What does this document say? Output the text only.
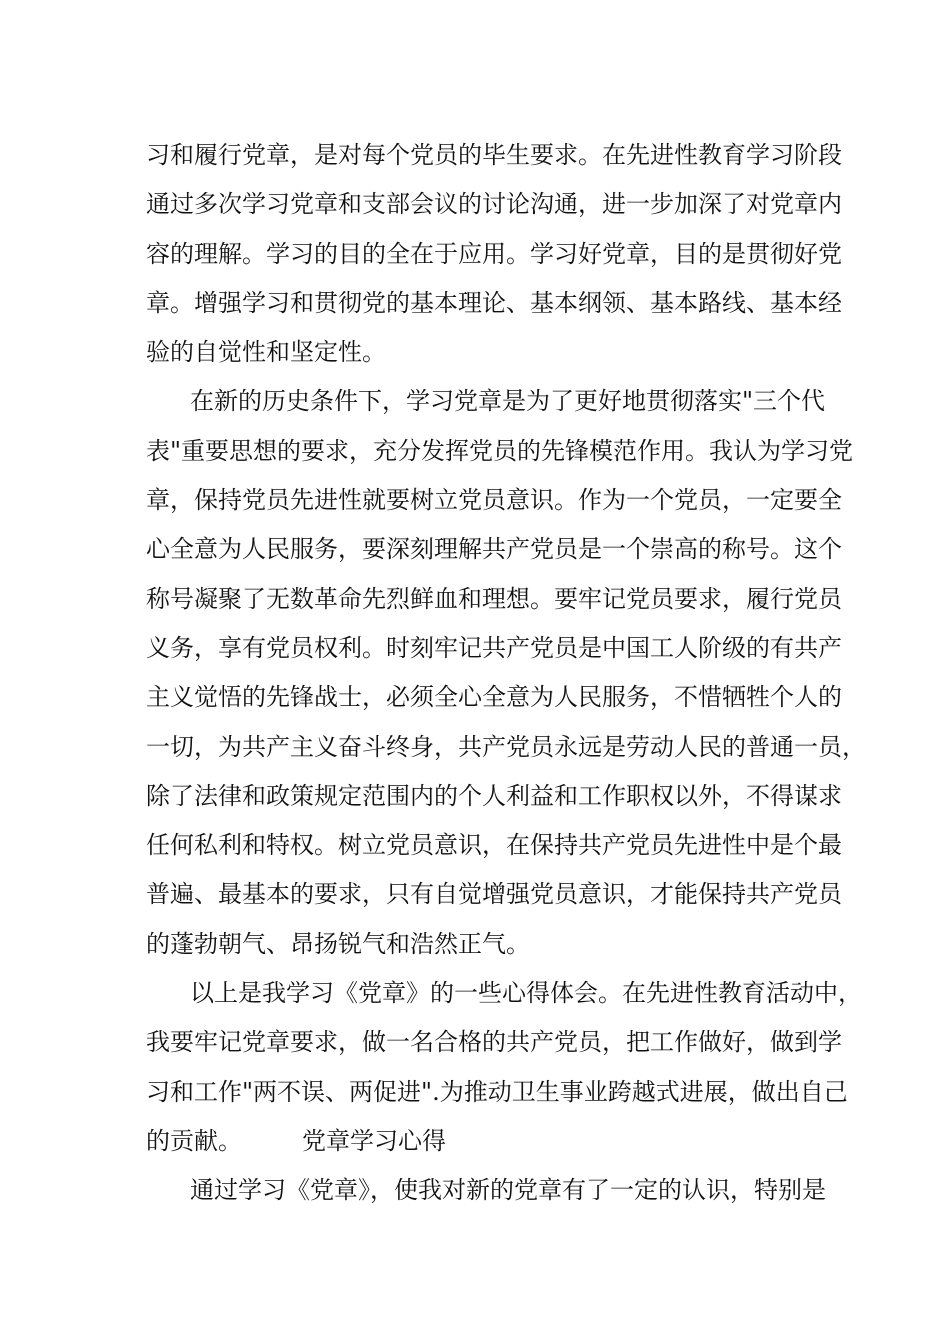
习和履行党章，是对每个党员的毕生要求。在先进性教育学习阶段
通过多次学习党章和支部会议的讨论沟通，进一步加深了对党章内
容的理解。学习的目的全在于应用。学习好党章，目的是贯彻好党
章。增强学习和贯彻党的基本理论、基本纲领、基本路线、基本经
验的自觉性和坚定性。
在新的历史条件下，学习党章是为了更好地贯彻落实"三个代
表"重要思想的要求，充分发挥党员的先锋模范作用。我认为学习党
章，保持党员先进性就要树立党员意识。作为一个党员，一定要全
心全意为人民服务，要深刻理解共产党员是一个崇高的称号。这个
称号凝聚了无数革命先烈鲜血和理想。要牢记党员要求，履行党员
义务，享有党员权利。时刻牢记共产党员是中国工人阶级的有共产
主义觉悟的先锋战士，必须全心全意为人民服务，不惜牺牲个人的
一切，为共产主义奋斗终身，共产党员永远是劳动人民的普通一员，
除了法律和政策规定范围内的个人利益和工作职权以外，不得谋求
任何私利和特权。树立党员意识，在保持共产党员先进性中是个最
普遍、最基本的要求，只有自觉增强党员意识，才能保持共产党员
的蓬勃朝气、昂扬锐气和浩然正气。
以上是我学习《党章》的一些心得体会。在先进性教育活动中，
我要牢记党章要求，做一名合格的共产党员，把工作做好，做到学
习和工作"两不误、两促进".为推动卫生事业跨越式进展，做出自己
的贡献。	党章学习心得
通过学习《党章》，使我对新的党章有了一定的认识，特别是
